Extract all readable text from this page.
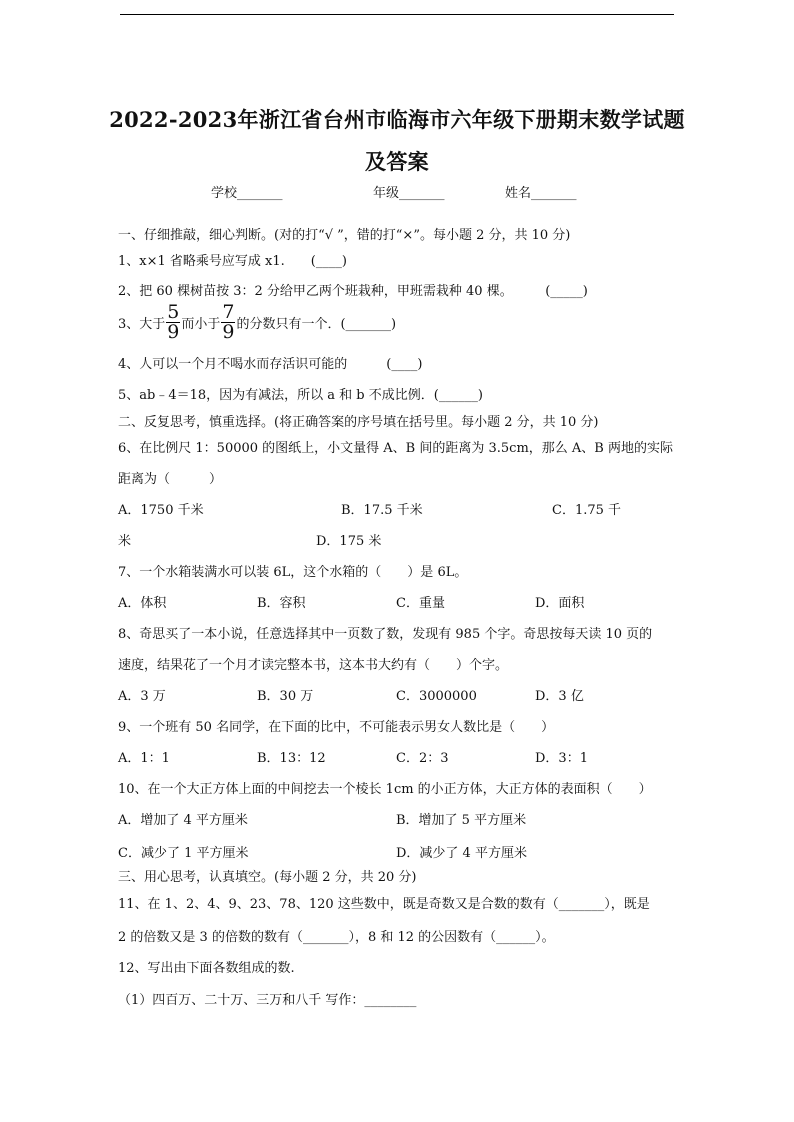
2022-2023年浙江省台州市临海市六年级下册期末数学试题
及答案
学校_______	年级_______	姓名_______
一、仔细推敲，细心判断。(对的打“√ ”，错的打“×”。每小题 2 分，共 10 分)
1、x×1 省略乘号应写成 x1.　　(____)
2、把 60 棵树苗按 3：2 分给甲乙两个班栽种，甲班需栽种 40 棵。　　　(_____)
3、大于 $\frac{5}{9}$ 而小于 $\frac{7}{9}$ 的分数只有一个．(_______)
4、人可以一个月不喝水而存活识可能的　　　(____)
5、ab﹣4＝18，因为有减法，所以 a 和 b 不成比例．(______)
二、反复思考，慎重选择。(将正确答案的序号填在括号里。每小题 2 分，共 10 分)
6、在比例尺 1：50000 的图纸上，小文量得 A、B 间的距离为 3.5cm，那么 A、B 两地的实际
距离为（　　　）
A．1750 千米	B．17.5 千米	C．1.75 千
米	D．175 米
7、一个水箱装满水可以装 6L，这个水箱的（　　）是 6L。
A．体积	B．容积	C．重量	D．面积
8、奇思买了一本小说，任意选择其中一页数了数，发现有 985 个字。奇思按每天读 10 页的
速度，结果花了一个月才读完整本书，这本书大约有（　　）个字。
A．3 万	B．30 万	C．3000000	D．3 亿
9、一个班有 50 名同学，在下面的比中，不可能表示男女人数比是（　　）
A．1：1	B．13：12	C．2：3	D．3：1
10、在一个大正方体上面的中间挖去一个棱长 1cm 的小正方体，大正方体的表面积（　　）
A．增加了 4 平方厘米	B．增加了 5 平方厘米
C．减少了 1 平方厘米	D．减少了 4 平方厘米
三、用心思考，认真填空。(每小题 2 分，共 20 分)
11、在 1、2、4、9、23、78、120 这些数中，既是奇数又是合数的数有（_______），既是
2 的倍数又是 3 的倍数的数有（_______），8 和 12 的公因数有（______）。
12、写出由下面各数组成的数.
（1）四百万、二十万、三万和八千 写作：________
